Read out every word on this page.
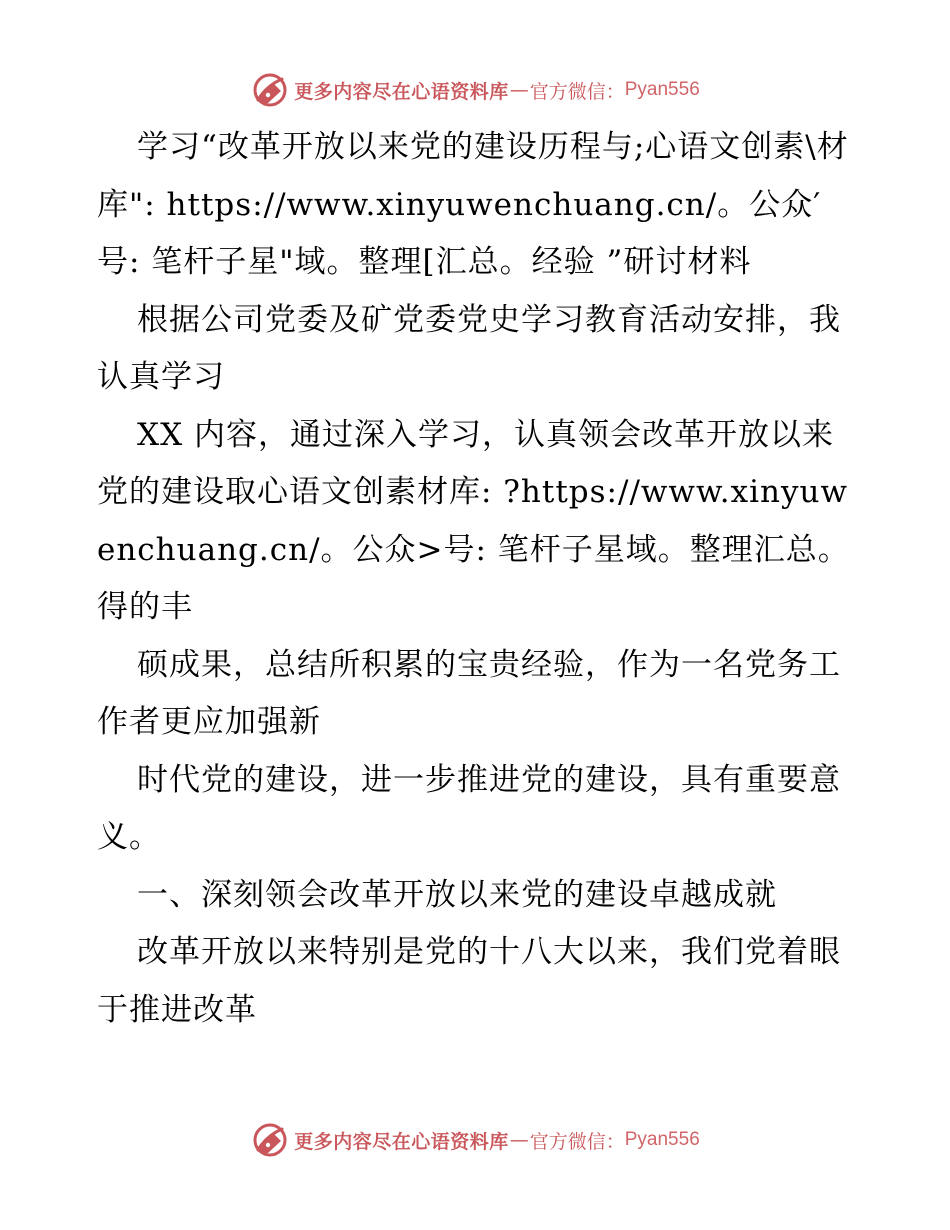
更多内容尽在心语资料库 — 官方微信： Pyan556

学习“改革开放以来党的建设历程与;心语文创素\材库": https://www.xinyuwenchuang.cn/。公众′号: 笔杆子星"域。整理[汇总。经验 ”研讨材料

根据公司党委及矿党委党史学习教育活动安排，我认真学习

XX 内容，通过深入学习，认真领会改革开放以来党的建设取心语文创素材库: ?https://www.xinyuwenchuang.cn/。公众>号: 笔杆子星域。整理汇总。得的丰

硕成果，总结所积累的宝贵经验，作为一名党务工作者更应加强新

时代党的建设，进一步推进党的建设，具有重要意义。

一、深刻领会改革开放以来党的建设卓越成就

改革开放以来特别是党的十八大以来，我们党着眼于推进改革

更多内容尽在心语资料库 — 官方微信： Pyan556
